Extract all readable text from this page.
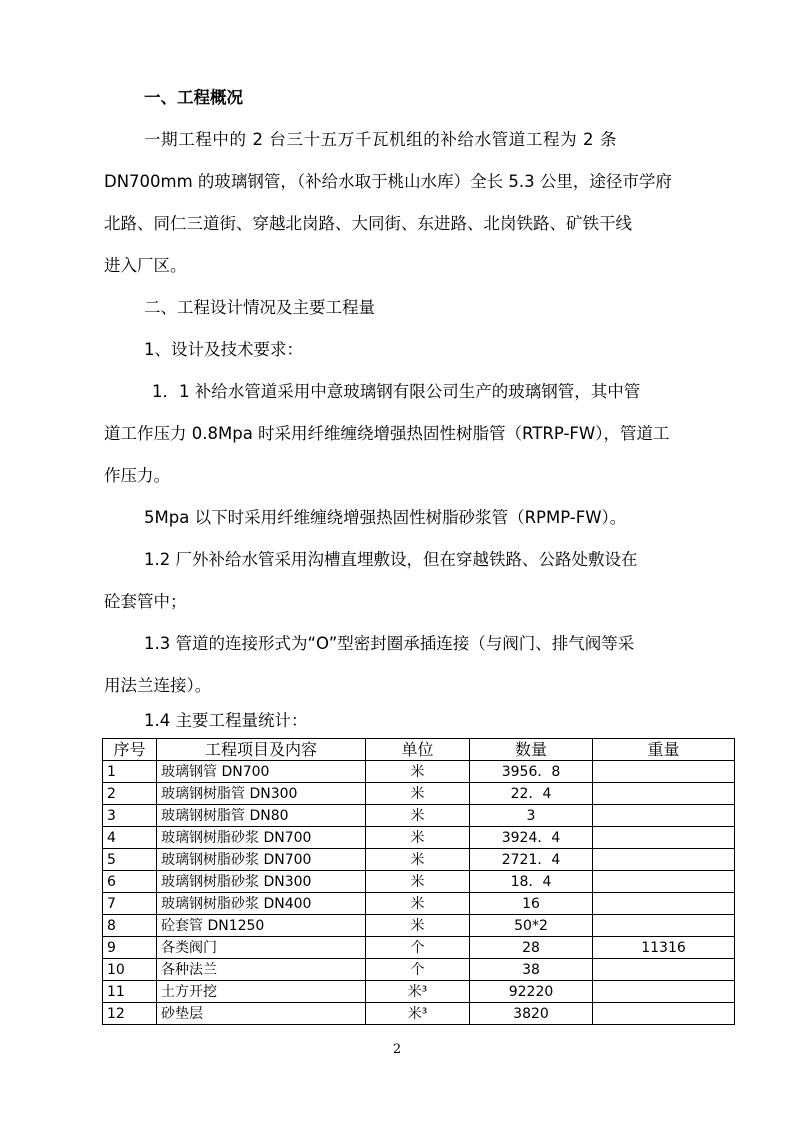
一、工程概况
一期工程中的 2 台三十五万千瓦机组的补给水管道工程为 2 条
DN700mm 的玻璃钢管，（补给水取于桃山水库）全长 5.3 公里，途径市学府
北路、同仁三道街、穿越北岗路、大同街、东进路、北岗铁路、矿铁干线
进入厂区。
二、工程设计情况及主要工程量
1、设计及技术要求：
1．1 补给水管道采用中意玻璃钢有限公司生产的玻璃钢管，其中管
道工作压力 0.8Mpa 时采用纤维缠绕增强热固性树脂管（RTRP-FW），管道工
作压力。
5Mpa 以下时采用纤维缠绕增强热固性树脂砂浆管（RPMP-FW）。
1.2 厂外补给水管采用沟槽直埋敷设，但在穿越铁路、公路处敷设在
砼套管中；
1.3 管道的连接形式为“O”型密封圈承插连接（与阀门、排气阀等采
用法兰连接）。
1.4 主要工程量统计：
序号	工程项目及内容	单位	数量	重量
1	玻璃钢管 DN700	米	3956．8	
2	玻璃钢树脂管 DN300	米	22．4	
3	玻璃钢树脂管 DN80	米	3	
4	玻璃钢树脂砂浆 DN700	米	3924．4	
5	玻璃钢树脂砂浆 DN700	米	2721．4	
6	玻璃钢树脂砂浆 DN300	米	18．4	
7	玻璃钢树脂砂浆 DN400	米	16	
8	砼套管 DN1250	米	50*2	
9	各类阀门	个	28	11316
10	各种法兰	个	38	
11	土方开挖	米³	92220	
12	砂垫层	米³	3820	
2
